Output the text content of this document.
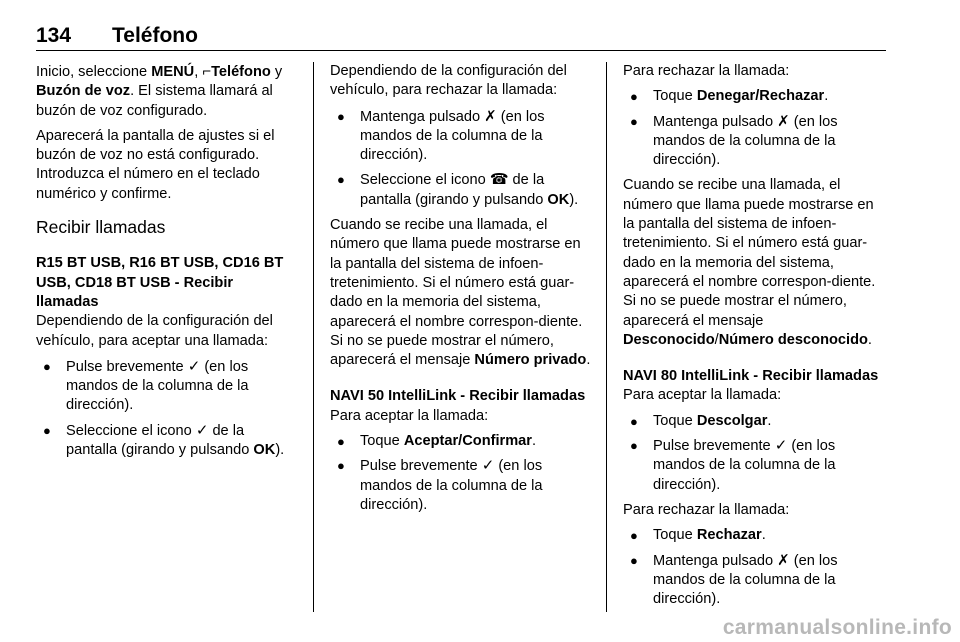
134 Teléfono

Inicio, seleccione MENÚ, ⌐Teléfono y Buzón de voz. El sistema llamará al buzón de voz configurado.

Aparecerá la pantalla de ajustes si el buzón de voz no está configurado. Introduzca el número en el teclado numérico y confirme.

Recibir llamadas

R15 BT USB, R16 BT USB, CD16 BT USB, CD18 BT USB - Recibir llamadas

Dependiendo de la configuración del vehículo, para aceptar una llamada:

● Pulse brevemente ✓ (en los mandos de la columna de la dirección).
● Seleccione el icono ✓ de la pantalla (girando y pulsando OK).

Dependiendo de la configuración del vehículo, para rechazar la llamada:

● Mantenga pulsado ✗ (en los mandos de la columna de la dirección).
● Seleccione el icono ☎ de la pantalla (girando y pulsando OK).

Cuando se recibe una llamada, el número que llama puede mostrarse en la pantalla del sistema de infoen-tretenimiento. Si el número está guar-dado en la memoria del sistema, aparecerá el nombre correspon-diente. Si no se puede mostrar el número, aparecerá el mensaje Número privado.

NAVI 50 IntelliLink - Recibir llamadas

Para aceptar la llamada:

● Toque Aceptar/Confirmar.
● Pulse brevemente ✓ (en los mandos de la columna de la dirección).

Para rechazar la llamada:

● Toque Denegar/Rechazar.
● Mantenga pulsado ✗ (en los mandos de la columna de la dirección).

Cuando se recibe una llamada, el número que llama puede mostrarse en la pantalla del sistema de infoen-tretenimiento. Si el número está guar-dado en la memoria del sistema, aparecerá el nombre correspon-diente. Si no se puede mostrar el número, aparecerá el mensaje Desconocido/Número desconocido.

NAVI 80 IntelliLink - Recibir llamadas

Para aceptar la llamada:

● Toque Descolgar.
● Pulse brevemente ✓ (en los mandos de la columna de la dirección).

Para rechazar la llamada:

● Toque Rechazar.
● Mantenga pulsado ✗ (en los mandos de la columna de la dirección).
carmanualsonline.info
